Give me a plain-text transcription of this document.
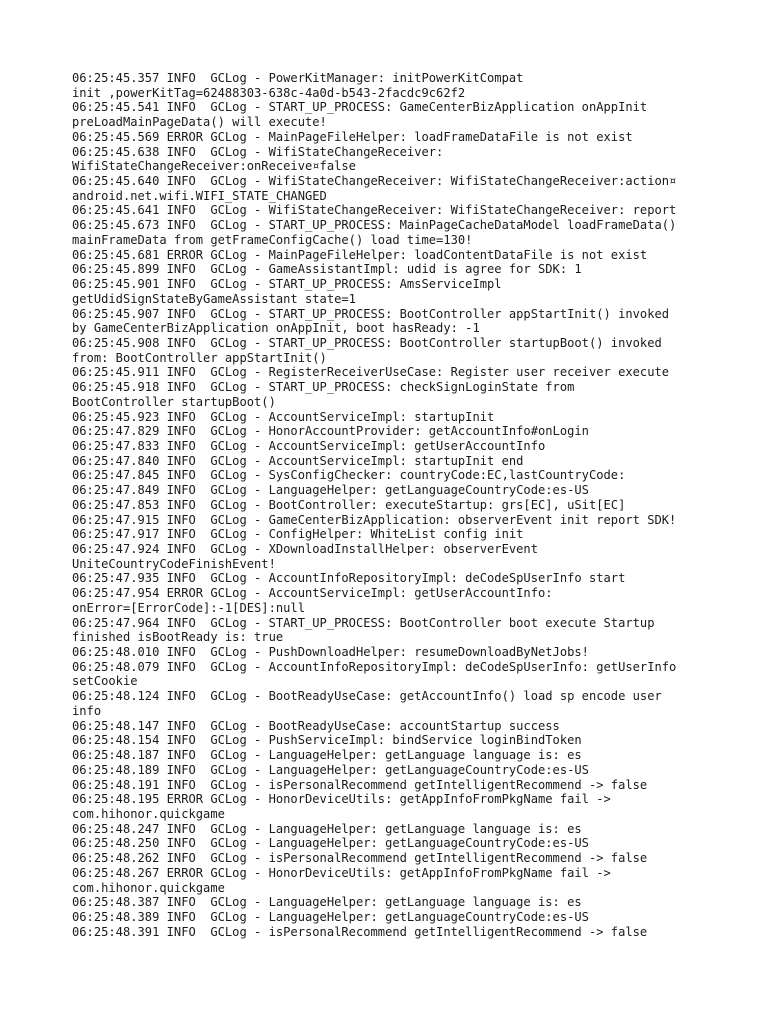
06:25:45.357 INFO  GCLog - PowerKitManager: initPowerKitCompat
init ,powerKitTag=62488303-638c-4a0d-b543-2facdc9c62f2
06:25:45.541 INFO  GCLog - START_UP_PROCESS: GameCenterBizApplication onAppInit
preLoadMainPageData() will execute!
06:25:45.569 ERROR GCLog - MainPageFileHelper: loadFrameDataFile is not exist
06:25:45.638 INFO  GCLog - WifiStateChangeReceiver:
WifiStateChangeReceiver:onReceive¤false
06:25:45.640 INFO  GCLog - WifiStateChangeReceiver: WifiStateChangeReceiver:action¤
android.net.wifi.WIFI_STATE_CHANGED
06:25:45.641 INFO  GCLog - WifiStateChangeReceiver: WifiStateChangeReceiver: report
06:25:45.673 INFO  GCLog - START_UP_PROCESS: MainPageCacheDataModel loadFrameData()
mainFrameData from getFrameConfigCache() load time=130!
06:25:45.681 ERROR GCLog - MainPageFileHelper: loadContentDataFile is not exist
06:25:45.899 INFO  GCLog - GameAssistantImpl: udid is agree for SDK: 1
06:25:45.901 INFO  GCLog - START_UP_PROCESS: AmsServiceImpl
getUdidSignStateByGameAssistant state=1
06:25:45.907 INFO  GCLog - START_UP_PROCESS: BootController appStartInit() invoked
by GameCenterBizApplication onAppInit, boot hasReady: -1
06:25:45.908 INFO  GCLog - START_UP_PROCESS: BootController startupBoot() invoked
from: BootController appStartInit()
06:25:45.911 INFO  GCLog - RegisterReceiverUseCase: Register user receiver execute
06:25:45.918 INFO  GCLog - START_UP_PROCESS: checkSignLoginState from
BootController startupBoot()
06:25:45.923 INFO  GCLog - AccountServiceImpl: startupInit
06:25:47.829 INFO  GCLog - HonorAccountProvider: getAccountInfo#onLogin
06:25:47.833 INFO  GCLog - AccountServiceImpl: getUserAccountInfo
06:25:47.840 INFO  GCLog - AccountServiceImpl: startupInit end
06:25:47.845 INFO  GCLog - SysConfigChecker: countryCode:EC,lastCountryCode:
06:25:47.849 INFO  GCLog - LanguageHelper: getLanguageCountryCode:es-US
06:25:47.853 INFO  GCLog - BootController: executeStartup: grs[EC], uSit[EC]
06:25:47.915 INFO  GCLog - GameCenterBizApplication: observerEvent init report SDK!
06:25:47.917 INFO  GCLog - ConfigHelper: WhiteList config init
06:25:47.924 INFO  GCLog - XDownloadInstallHelper: observerEvent
UniteCountryCodeFinishEvent!
06:25:47.935 INFO  GCLog - AccountInfoRepositoryImpl: deCodeSpUserInfo start
06:25:47.954 ERROR GCLog - AccountServiceImpl: getUserAccountInfo:
onError=[ErrorCode]:-1[DES]:null
06:25:47.964 INFO  GCLog - START_UP_PROCESS: BootController boot execute Startup
finished isBootReady is: true
06:25:48.010 INFO  GCLog - PushDownloadHelper: resumeDownloadByNetJobs!
06:25:48.079 INFO  GCLog - AccountInfoRepositoryImpl: deCodeSpUserInfo: getUserInfo
setCookie
06:25:48.124 INFO  GCLog - BootReadyUseCase: getAccountInfo() load sp encode user
info
06:25:48.147 INFO  GCLog - BootReadyUseCase: accountStartup success
06:25:48.154 INFO  GCLog - PushServiceImpl: bindService loginBindToken
06:25:48.187 INFO  GCLog - LanguageHelper: getLanguage language is: es
06:25:48.189 INFO  GCLog - LanguageHelper: getLanguageCountryCode:es-US
06:25:48.191 INFO  GCLog - isPersonalRecommend getIntelligentRecommend -> false
06:25:48.195 ERROR GCLog - HonorDeviceUtils: getAppInfoFromPkgName fail ->
com.hihonor.quickgame
06:25:48.247 INFO  GCLog - LanguageHelper: getLanguage language is: es
06:25:48.250 INFO  GCLog - LanguageHelper: getLanguageCountryCode:es-US
06:25:48.262 INFO  GCLog - isPersonalRecommend getIntelligentRecommend -> false
06:25:48.267 ERROR GCLog - HonorDeviceUtils: getAppInfoFromPkgName fail ->
com.hihonor.quickgame
06:25:48.387 INFO  GCLog - LanguageHelper: getLanguage language is: es
06:25:48.389 INFO  GCLog - LanguageHelper: getLanguageCountryCode:es-US
06:25:48.391 INFO  GCLog - isPersonalRecommend getIntelligentRecommend -> false
